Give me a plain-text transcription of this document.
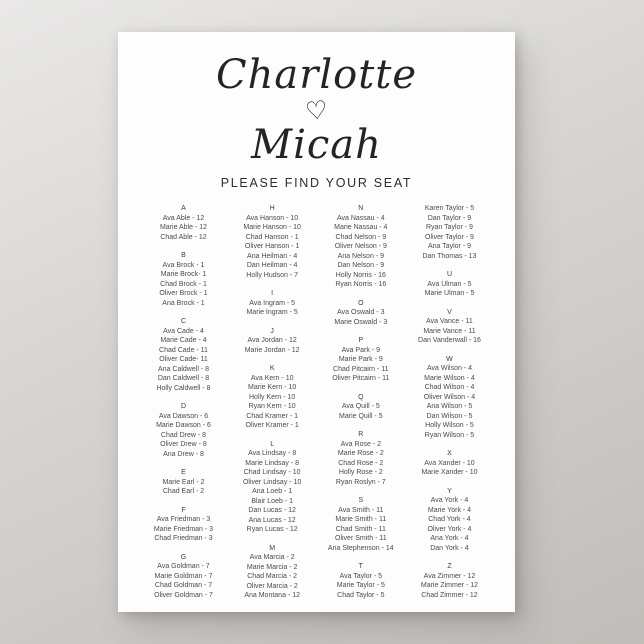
Charlotte
♡
Micah
PLEASE FIND YOUR SEAT
A
Ava Able - 12
Marie Able - 12
Chad Able - 12
B
Ava Brock - 1
Marie Brock- 1
Chad Brock - 1
Oliver Brock - 1
Ana Brock - 1
C
Ava Cade - 4
Marie Cade - 4
Chad Cade - 11
Oliver Cade- 11
Ana Caldwell - 8
Dan Caldwell - 8
Holly Caldwell - 8
D
Ava Dawson - 6
Marie Dawson - 6
Chad Drew - 8
Oliver Drew - 8
Ana Drew - 8
E
Marie Earl - 2
Chad Earl - 2
F
Ava Friedman - 3
Marie Friedman - 3
Chad Friedman - 3
G
Ava Goldman - 7
Marie Goldman - 7
Chad Goldman - 7
Oliver Goldman - 7
H
Ava Hanson - 10
Marie Hanson - 10
Chad Hanson - 1
Oliver Hanson - 1
Ana Heilman - 4
Dan Heilman - 4
Holly Hudson - 7
I
Ava Ingram - 5
Marie Ingram - 5
J
Ava Jordan - 12
Marie Jordan - 12
K
Ava Kern - 10
Marie Kern - 10
Holly Kern - 10
Ryan Kern - 10
Chad Kramer - 1
Oliver Kramer - 1
L
Ava Lindsay - 8
Marie Lindsay - 8
Chad Lindsay - 10
Oliver Lindsay - 10
Ana Loeb - 1
Blair Loeb - 1
Dan Lucas - 12
Ana Lucas - 12
Ryan Lucas - 12
M
Ava Marcia - 2
Marie Marcia - 2
Chad Marcia - 2
Oliver Marcia - 2
Ana Montana - 12
N
Ava Nassau - 4
Marie Nassau - 4
Chad Nelson - 9
Oliver Nelson - 9
Ana Nelson - 9
Dan Nelson - 9
Holly Norris - 16
Ryan Norris - 16
O
Ava Oswald - 3
Marie Oswald - 3
P
Ava Park - 9
Marie Park - 9
Chad Pitcairn - 11
Oliver Pitcairn - 11
Q
Ava Quill - 5
Marie Quill - 5
R
Ava Rose - 2
Marie Rose - 2
Chad Rose - 2
Holly Rose - 2
Ryan Roslyn - 7
S
Ava Smith - 11
Marie Smith - 11
Chad Smith - 11
Oliver Smith - 11
Ana Stephenson - 14
T
Ava Taylor - 5
Marie Taylor - 5
Chad Taylor - 5
Karen Taylor - 5
Dan Taylor - 9
Ryan Taylor - 9
Oliver Taylor - 9
Ana Taylor - 9
Dan Thomas - 13
U
Ava Ulman - 5
Marie Ulman - 5
V
Ava Vance - 11
Marie Vance - 11
Dan Vanderwall - 16
W
Ava Wilson - 4
Marie Wilson - 4
Chad Wilson - 4
Oliver Wilson - 4
Ana Wilson - 5
Dan Wilson - 5
Holly Wilson - 5
Ryan Wilson - 5
X
Ava Xander - 10
Marie Xander - 10
Y
Ava York - 4
Marie York - 4
Chad York - 4
Oliver York - 4
Ana York - 4
Dan York - 4
Z
Ava Zimmer - 12
Marie Zimmer - 12
Chad Zimmer - 12
